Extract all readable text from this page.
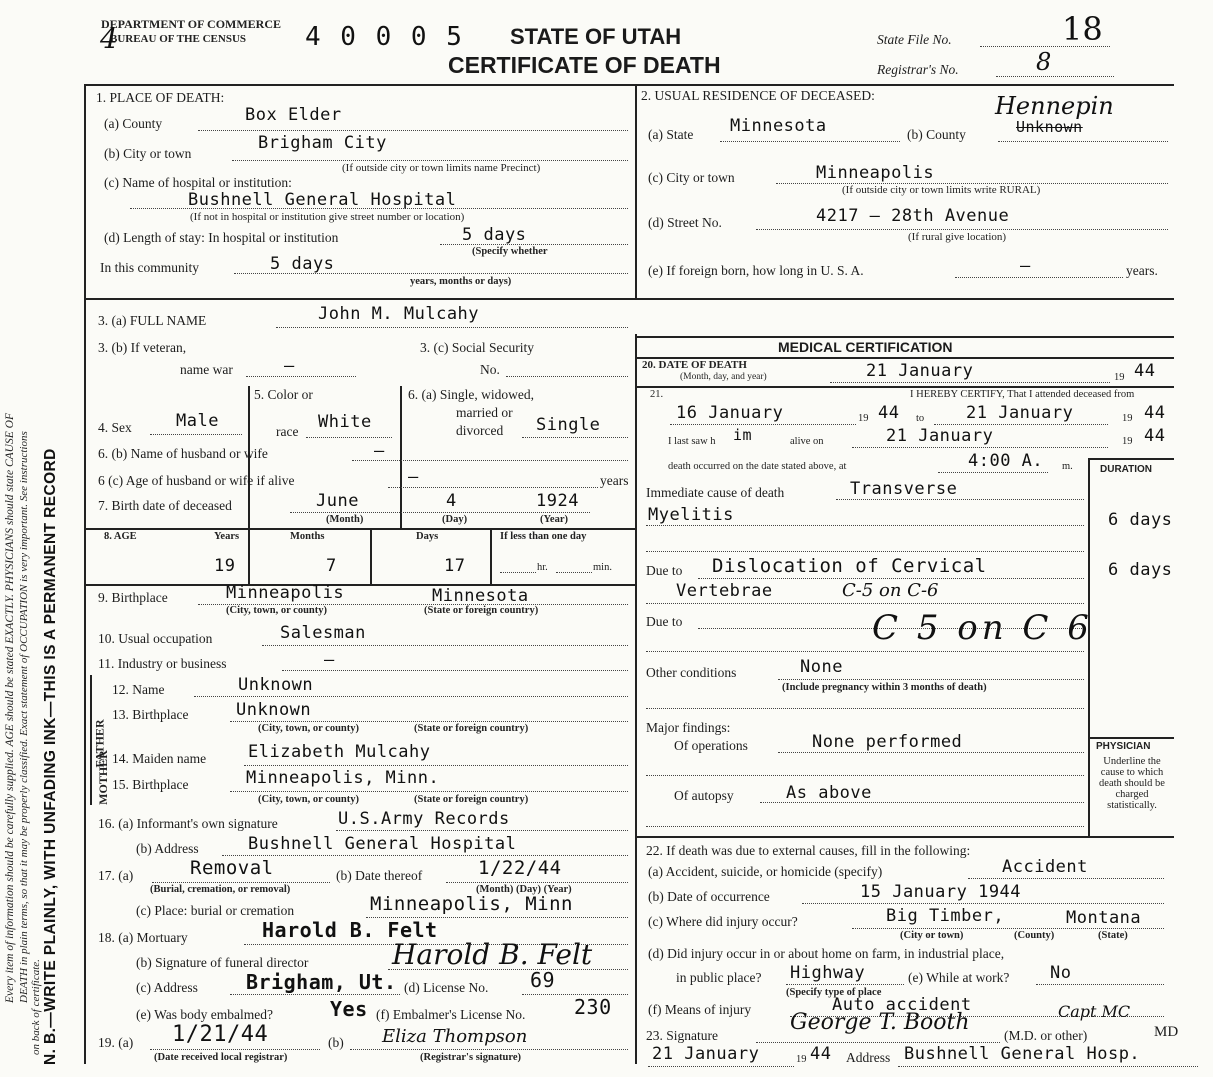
N. B.—WRITE PLAINLY, WITH UNFADING INK—THIS IS A PERMANENT RECORD
Every item of information should be carefully supplied. AGE should be stated EXACTLY. PHYSICIANS should state CAUSE OF DEATH in plain terms, so that it may be properly classified. Exact statement of OCCUPATION is very important. See instructions
on back of certificate.
DEPARTMENT OF COMMERCE
BUREAU OF THE CENSUS
4	4 0 0 0 5 STATE OF UTAH
CERTIFICATE OF DEATH
State File No.	18
Registrar's No.	8
1. PLACE OF DEATH:
(a) County	Box Elder
(b) City or town
Brigham City
(If outside city or town limits name Precinct)
(c) Name of hospital or institution:
Bushnell General Hospital
(If not in hospital or institution give street number or location)
(d) Length of stay: In hospital or institution	5 days
(Specify whether
In this community	5 days
years, months or days)
2. USUAL RESIDENCE OF DECEASED:	Hennepin
(a) State Minnesota	(b) County	Unknown
(c) City or town	Minneapolis
(If outside city or town limits write RURAL)
(d) Street No.	4217 – 28th Avenue
(If rural give location)
(e) If foreign born, how long in U. S. A.	–	years.
3. (a) FULL NAME	John M. Mulcahy
3. (b) If veteran,
name war	–
3. (c) Social Security
No.
5. Color or
race White
6. (a) Single, widowed,
married or
divorced Single
4. Sex	Male
6. (b) Name of husband or wife	–
6 (c) Age of husband or wife if alive	–	years
7. Birth date of deceased	June	4	1924
(Month)	(Day)	(Year)
8. AGE	Years	Months	Days	If less than one day
19	7	17	hr.	min.
9. Birthplace	Minneapolis	Minnesota
(City, town, or county)	(State or foreign country)
10. Usual occupation	Salesman
11. Industry or business	–
FATHER
MOTHER
12. Name	Unknown
13. Birthplace	Unknown
(City, town, or county)	(State or foreign country)
14. Maiden name Elizabeth Mulcahy
15. Birthplace	Minneapolis, Minn.
(City, town, or county)	(State or foreign country)
16. (a) Informant's own signature	U.S.Army Records
(b) Address	Bushnell General Hospital
17. (a)	Removal
(Burial, cremation, or removal)
(b) Date thereof	1/22/44
(Month) (Day) (Year)
(c) Place: burial or cremation	Minneapolis, Minn
18. (a) Mortuary	Harold B. Felt
(b) Signature of funeral director	Harold B. Felt
(c) Address Brigham, Ut. (d) License No. 69
(e) Was body embalmed?	Yes (f) Embalmer's License No. 230
19. (a) 1/21/44	(b) Eliza Thompson
(Date received local registrar)	(Registrar's signature)
MEDICAL CERTIFICATION
20. DATE OF DEATH
(Month, day, and year)	21 January	19 44
21.	I HEREBY CERTIFY, That I attended deceased from
16 January	19 44 to 21 January	19 44
I last saw h im	alive on	21 January	19 44
death occurred on the date stated above, at	4:00 A. m.	DURATION
Immediate cause of death	Transverse
Myelitis	6 days
Due to Dislocation of Cervical	6 days
Vertebrae	C-5 on C-6
Due to	C 5 on C 6
Other conditions	None
(Include pregnancy within 3 months of death)
Major findings:
Of operations	None performed
Of autopsy	As above
PHYSICIAN
Underline the cause to which death should be charged statistically.
22. If death was due to external causes, fill in the following:
(a) Accident, suicide, or homicide (specify)	Accident
(b) Date of occurrence	15 January 1944
(c) Where did injury occur?	Big Timber,	Montana
(City or town)	(County)	(State)
(d) Did injury occur in or about home on farm, in industrial place,
in public place? Highway	(e) While at work? No
(Specify type of place
(f) Means of injury	Auto accident
23. Signature
George T. Booth	Capt MC
(M.D. or other)	MD
21 January	19 44 Address Bushnell General Hosp.
